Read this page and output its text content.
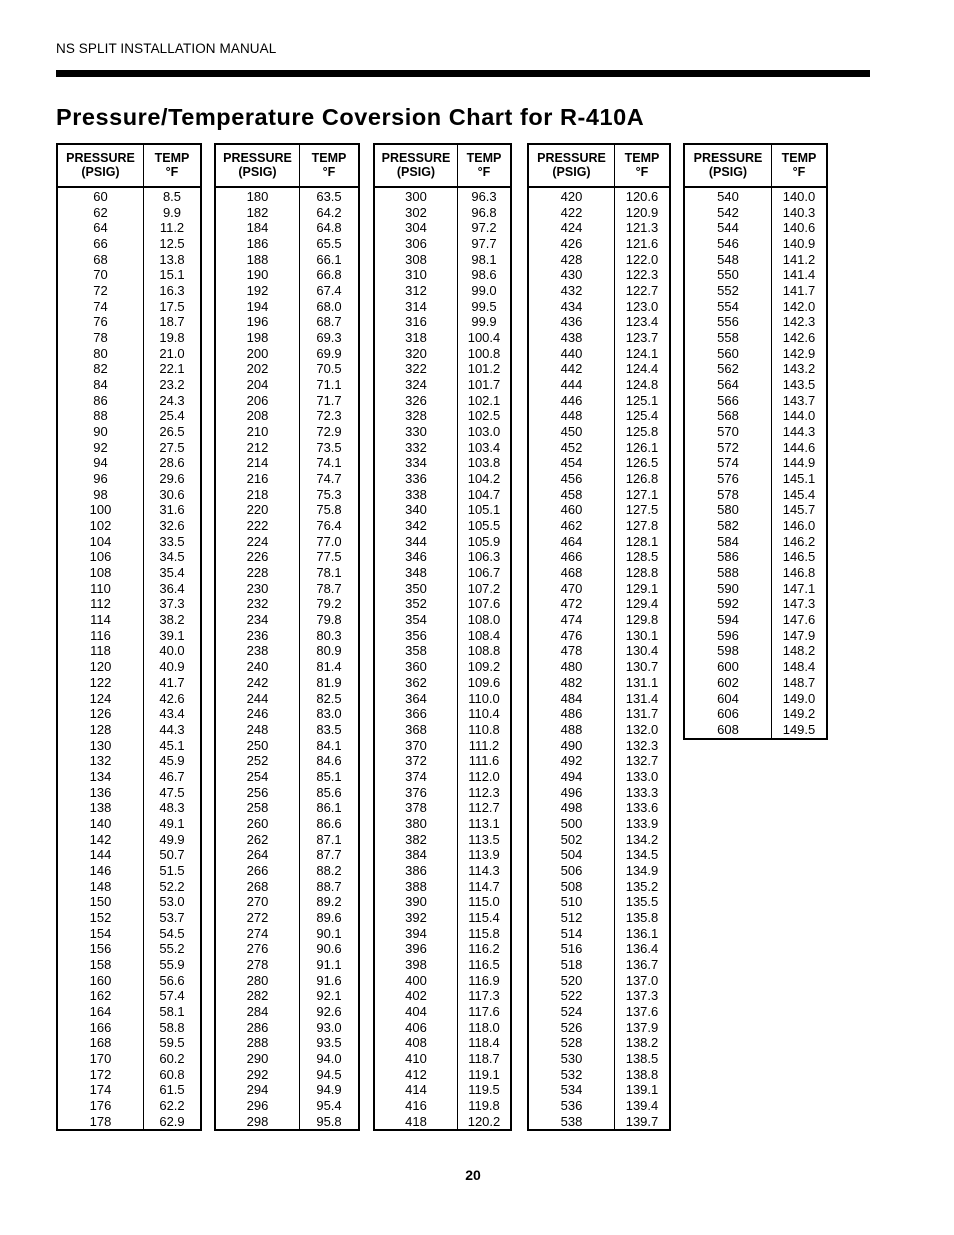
NS SPLIT INSTALLATION MANUAL
Pressure/Temperature Coversion Chart for R-410A
PRESSURE
(PSIG)
TEMP
°F
60
62
64
66
68
70
72
74
76
78
80
82
84
86
88
90
92
94
96
98
100
102
104
106
108
110
112
114
116
118
120
122
124
126
128
130
132
134
136
138
140
142
144
146
148
150
152
154
156
158
160
162
164
166
168
170
172
174
176
178
8.5
9.9
11.2
12.5
13.8
15.1
16.3
17.5
18.7
19.8
21.0
22.1
23.2
24.3
25.4
26.5
27.5
28.6
29.6
30.6
31.6
32.6
33.5
34.5
35.4
36.4
37.3
38.2
39.1
40.0
40.9
41.7
42.6
43.4
44.3
45.1
45.9
46.7
47.5
48.3
49.1
49.9
50.7
51.5
52.2
53.0
53.7
54.5
55.2
55.9
56.6
57.4
58.1
58.8
59.5
60.2
60.8
61.5
62.2
62.9
PRESSURE
(PSIG)
TEMP
°F
180
182
184
186
188
190
192
194
196
198
200
202
204
206
208
210
212
214
216
218
220
222
224
226
228
230
232
234
236
238
240
242
244
246
248
250
252
254
256
258
260
262
264
266
268
270
272
274
276
278
280
282
284
286
288
290
292
294
296
298
63.5
64.2
64.8
65.5
66.1
66.8
67.4
68.0
68.7
69.3
69.9
70.5
71.1
71.7
72.3
72.9
73.5
74.1
74.7
75.3
75.8
76.4
77.0
77.5
78.1
78.7
79.2
79.8
80.3
80.9
81.4
81.9
82.5
83.0
83.5
84.1
84.6
85.1
85.6
86.1
86.6
87.1
87.7
88.2
88.7
89.2
89.6
90.1
90.6
91.1
91.6
92.1
92.6
93.0
93.5
94.0
94.5
94.9
95.4
95.8
PRESSURE
(PSIG)
TEMP
°F
300
302
304
306
308
310
312
314
316
318
320
322
324
326
328
330
332
334
336
338
340
342
344
346
348
350
352
354
356
358
360
362
364
366
368
370
372
374
376
378
380
382
384
386
388
390
392
394
396
398
400
402
404
406
408
410
412
414
416
418
96.3
96.8
97.2
97.7
98.1
98.6
99.0
99.5
99.9
100.4
100.8
101.2
101.7
102.1
102.5
103.0
103.4
103.8
104.2
104.7
105.1
105.5
105.9
106.3
106.7
107.2
107.6
108.0
108.4
108.8
109.2
109.6
110.0
110.4
110.8
111.2
111.6
112.0
112.3
112.7
113.1
113.5
113.9
114.3
114.7
115.0
115.4
115.8
116.2
116.5
116.9
117.3
117.6
118.0
118.4
118.7
119.1
119.5
119.8
120.2
PRESSURE
(PSIG)
TEMP
°F
420
422
424
426
428
430
432
434
436
438
440
442
444
446
448
450
452
454
456
458
460
462
464
466
468
470
472
474
476
478
480
482
484
486
488
490
492
494
496
498
500
502
504
506
508
510
512
514
516
518
520
522
524
526
528
530
532
534
536
538
120.6
120.9
121.3
121.6
122.0
122.3
122.7
123.0
123.4
123.7
124.1
124.4
124.8
125.1
125.4
125.8
126.1
126.5
126.8
127.1
127.5
127.8
128.1
128.5
128.8
129.1
129.4
129.8
130.1
130.4
130.7
131.1
131.4
131.7
132.0
132.3
132.7
133.0
133.3
133.6
133.9
134.2
134.5
134.9
135.2
135.5
135.8
136.1
136.4
136.7
137.0
137.3
137.6
137.9
138.2
138.5
138.8
139.1
139.4
139.7
PRESSURE
(PSIG)
TEMP
°F
540
542
544
546
548
550
552
554
556
558
560
562
564
566
568
570
572
574
576
578
580
582
584
586
588
590
592
594
596
598
600
602
604
606
608
140.0
140.3
140.6
140.9
141.2
141.4
141.7
142.0
142.3
142.6
142.9
143.2
143.5
143.7
144.0
144.3
144.6
144.9
145.1
145.4
145.7
146.0
146.2
146.5
146.8
147.1
147.3
147.6
147.9
148.2
148.4
148.7
149.0
149.2
149.5
20
